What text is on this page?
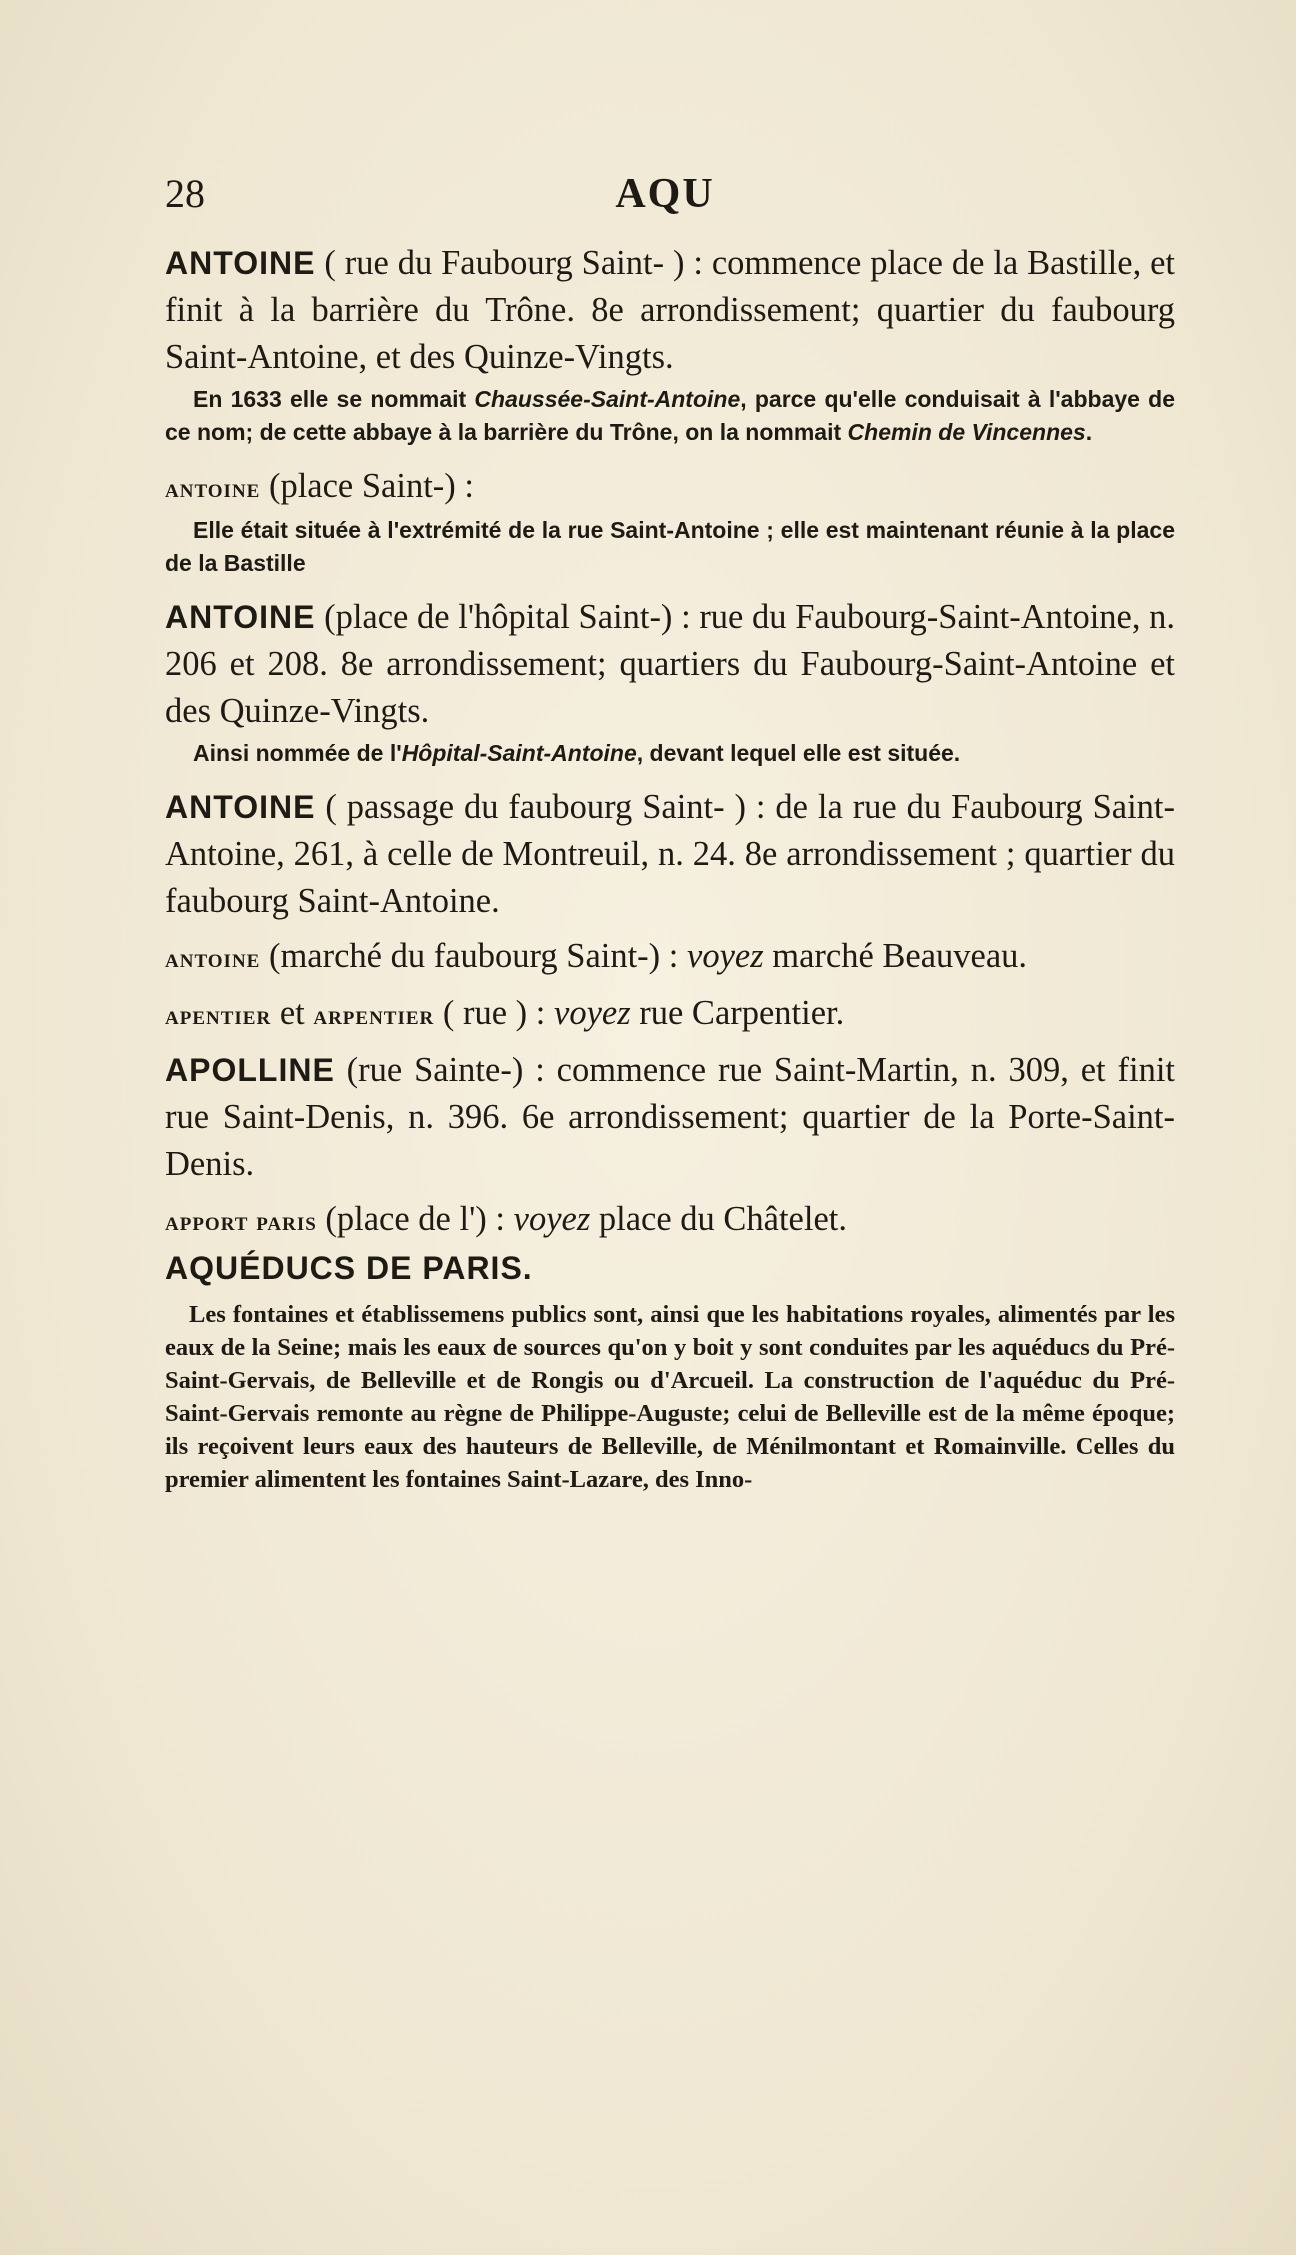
28	AQU

ANTOINE ( rue du Faubourg Saint- ) : commence place de la Bastille, et finit à la barrière du Trône. 8e arrondissement; quartier du faubourg Saint-Antoine, et des Quinze-Vingts.

En 1633 elle se nommait Chaussée-Saint-Antoine, parce qu'elle conduisait à l'abbaye de ce nom; de cette abbaye à la barrière du Trône, on la nommait Chemin de Vincennes.

antoine (place Saint-) :

Elle était située à l'extrémité de la rue Saint-Antoine ; elle est maintenant réunie à la place de la Bastille

ANTOINE (place de l'hôpital Saint-) : rue du Faubourg-Saint-Antoine, n. 206 et 208. 8e arrondissement; quartiers du Faubourg-Saint-Antoine et des Quinze-Vingts.

Ainsi nommée de l'Hôpital-Saint-Antoine, devant lequel elle est située.

ANTOINE ( passage du faubourg Saint- ) : de la rue du Faubourg Saint-Antoine, 261, à celle de Montreuil, n. 24. 8e arrondissement ; quartier du faubourg Saint-Antoine.

antoine (marché du faubourg Saint-) : voyez marché Beauveau.

apentier et arpentier ( rue ) : voyez rue Carpentier.

APOLLINE (rue Sainte-) : commence rue Saint-Martin, n. 309, et finit rue Saint-Denis, n. 396. 6e arrondissement; quartier de la Porte-Saint-Denis.

apport paris (place de l') : voyez place du Châtelet.

AQUÉDUCS DE PARIS.

Les fontaines et établissemens publics sont, ainsi que les habitations royales, alimentés par les eaux de la Seine; mais les eaux de sources qu'on y boit y sont conduites par les aquéducs du Pré-Saint-Gervais, de Belleville et de Rongis ou d'Arcueil. La construction de l'aquéduc du Pré-Saint-Gervais remonte au règne de Philippe-Auguste; celui de Belleville est de la même époque; ils reçoivent leurs eaux des hauteurs de Belleville, de Ménilmontant et Romainville. Celles du premier alimentent les fontaines Saint-Lazare, des Inno-
